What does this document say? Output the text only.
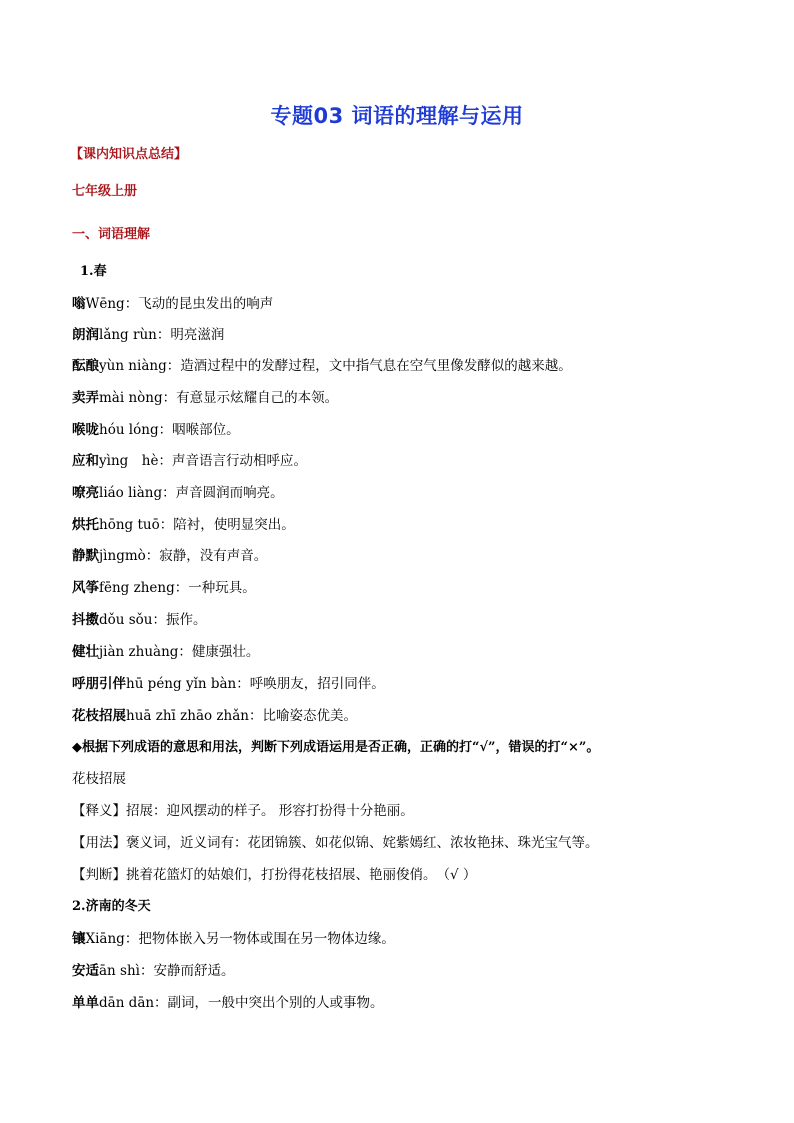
专题03 词语的理解与运用
【课内知识点总结】
七年级上册
一、词语理解
1.春
嗡Wēng：飞动的昆虫发出的响声
朗润lǎng rùn：明亮滋润
酝酿yùn niàng：造酒过程中的发酵过程，文中指气息在空气里像发酵似的越来越。
卖弄mài nòng：有意显示炫耀自己的本领。
喉咙hóu lóng：咽喉部位。
应和yìng　hè：声音语言行动相呼应。
嘹亮liáo liàng：声音圆润而响亮。
烘托hōng tuō：陪衬，使明显突出。
静默jìngmò：寂静，没有声音。
风筝fēng zheng：一种玩具。
抖擞dǒu sǒu：振作。
健壮jiàn zhuàng：健康强壮。
呼朋引伴hū péng yǐn bàn：呼唤朋友，招引同伴。
花枝招展huā zhī zhāo zhǎn：比喻姿态优美。
◆根据下列成语的意思和用法，判断下列成语运用是否正确，正确的打“√”，错误的打“×”。
花枝招展
【释义】招展：迎风摆动的样子。 形容打扮得十分艳丽。
【用法】褒义词，近义词有：花团锦簇、如花似锦、姹紫嫣红、浓妆艳抹、珠光宝气等。
【判断】挑着花篮灯的姑娘们，打扮得花枝招展、艳丽俊俏。　（√ ）
2.济南的冬天
镶Xiāng：把物体嵌入另一物体或围在另一物体边缘。
安适ān shì：安静而舒适。
单单dān dān：副词，一般中突出个别的人或事物。
